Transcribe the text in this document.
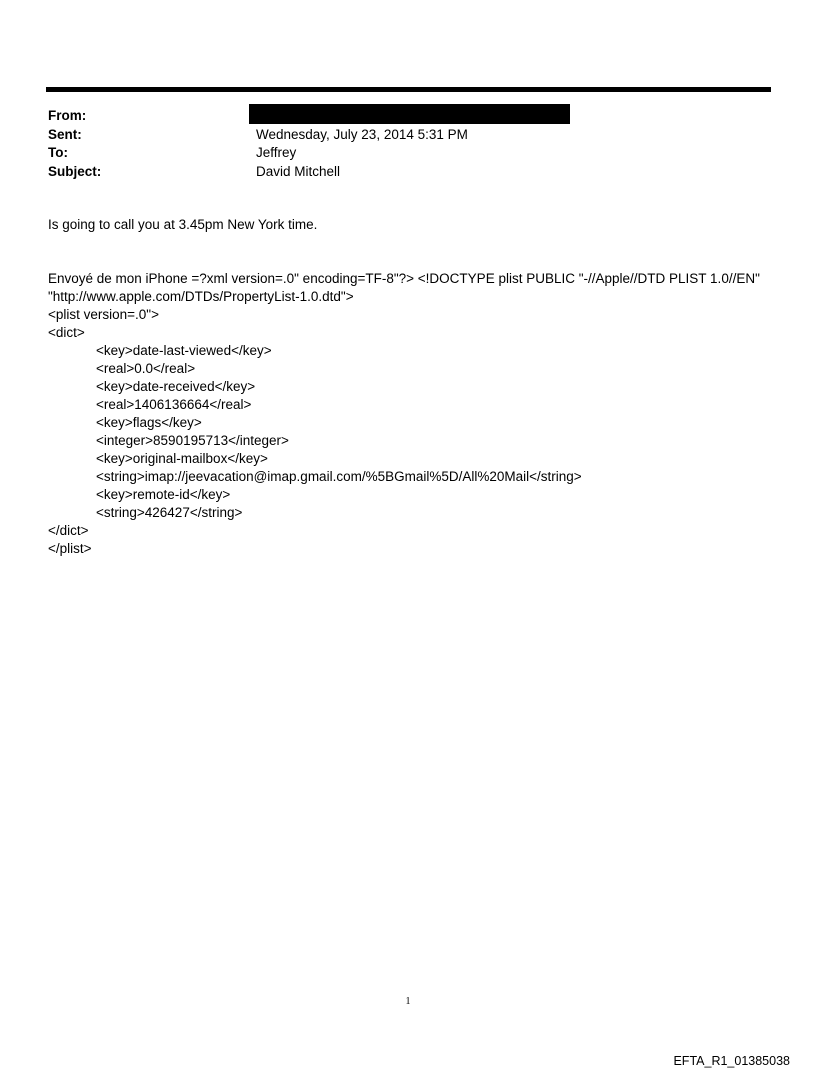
From:
Sent:	Wednesday, July 23, 2014 5:31 PM
To:	Jeffrey
Subject:	David Mitchell
Is going to call you at 3.45pm New York time.
Envoyé de mon iPhone =?xml version=.0" encoding=TF-8"?> <!DOCTYPE plist PUBLIC "-//Apple//DTD PLIST 1.0//EN"
"http://www.apple.com/DTDs/PropertyList-1.0.dtd">
<plist version=.0">
<dict>
<key>date-last-viewed</key>
<real>0.0</real>
<key>date-received</key>
<real>1406136664</real>
<key>flags</key>
<integer>8590195713</integer>
<key>original-mailbox</key>
<string>imap://jeevacation@imap.gmail.com/%5BGmail%5D/All%20Mail</string>
<key>remote-id</key>
<string>426427</string>
</dict>
</plist>
1
EFTA_R1_01385038
